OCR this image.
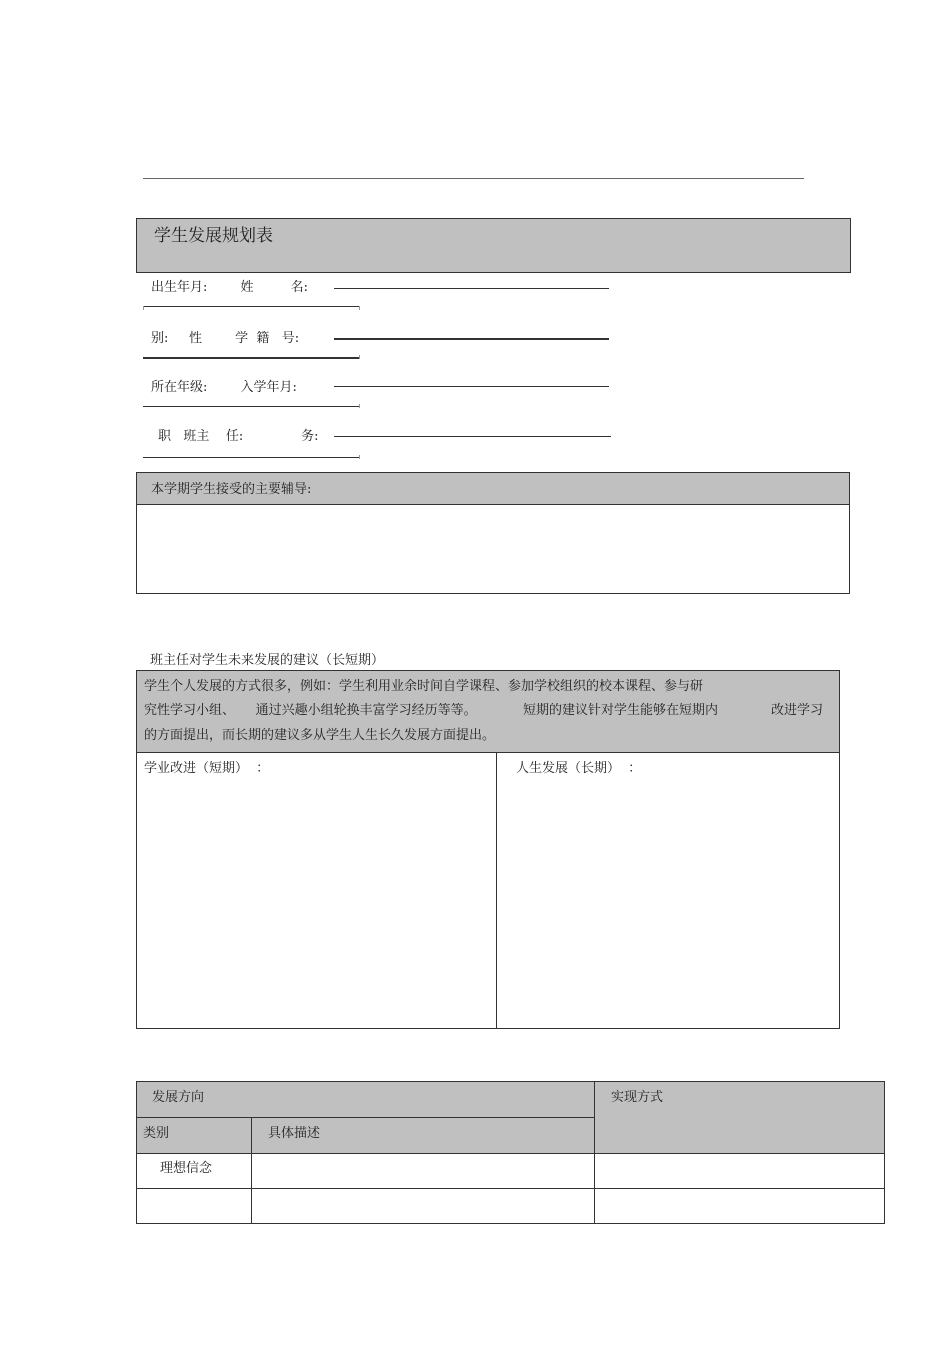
学生发展规划表
出生年月:        姓         名:
别:     性        学  籍   号:
所在年级:        入学年月:
职   班主    任:              务:
本学期学生接受的主要辅导:
班主任对学生未来发展的建议（长短期）
学生个人发展的方式很多，例如：学生利用业余时间自学课程、参加学校组织的校本课程、参与研
究性学习小组、     通过兴趣小组轮换丰富学习经历等等。	短期的建议针对学生能够在短期内	改进学习
的方面提出，而长期的建议多从学生人生长久发展方面提出。
学业改进（短期）  ：	人生发展（长期）  ：
发展方向		实现方式

类别	具体描述	

理想信念		
